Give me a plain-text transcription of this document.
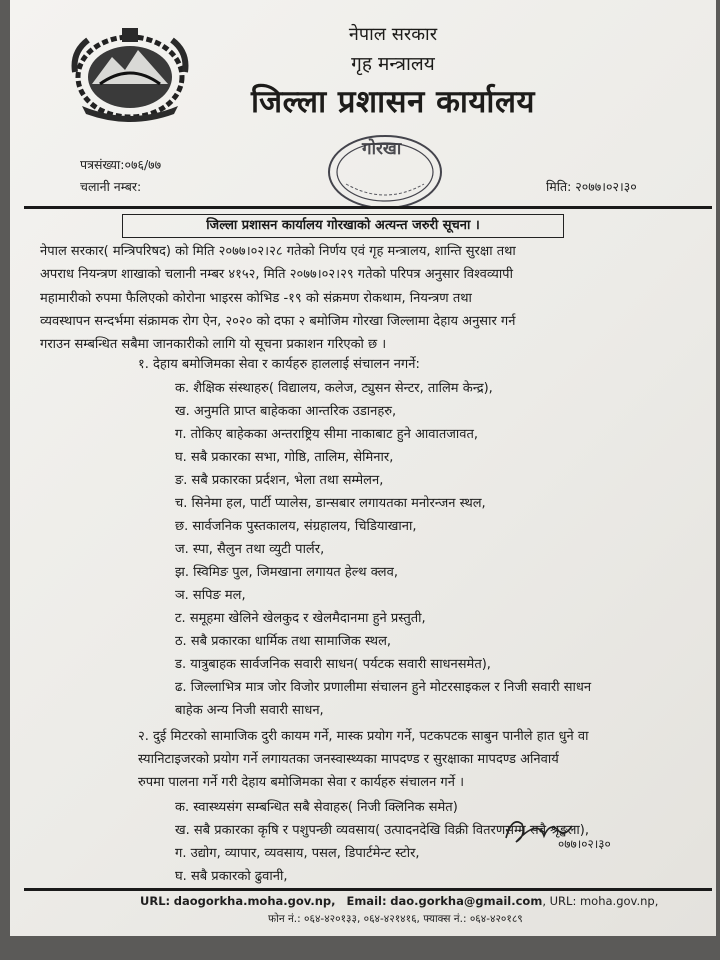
नेपाल सरकार
गृह मन्त्रालय
जिल्ला प्रशासन कार्यालय
गोरखा
पत्रसंख्या:०७६/७७
चलानी नम्बर:	मिति: २०७७।०२।३०
जिल्ला प्रशासन कार्यालय गोरखाको अत्यन्त जरुरी सूचना ।
नेपाल सरकार( मन्त्रिपरिषद) को मिति २०७७।०२।२८ गतेको निर्णय एवं गृह मन्त्रालय, शान्ति सुरक्षा तथा
अपराध नियन्त्रण शाखाको चलानी नम्बर ४१५२, मिति २०७७।०२।२९ गतेको परिपत्र अनुसार विश्वव्यापी
महामारीको रुपमा फैलिएको कोरोना भाइरस कोभिड -१९ को संक्रमण रोकथाम, नियन्त्रण तथा
व्यवस्थापन सन्दर्भमा संक्रामक रोग ऐन, २०२० को दफा २ बमोजिम गोरखा जिल्लामा देहाय अनुसार गर्न
गराउन सम्बन्धित सबैमा जानकारीको लागि यो सूचना प्रकाशन गरिएको छ ।
१. देहाय बमोजिमका सेवा र कार्यहरु हाललाई संचालन नगर्ने:
क. शैक्षिक संस्थाहरु( विद्यालय, कलेज, ट्युसन सेन्टर, तालिम केन्द्र),
ख. अनुमति प्राप्त बाहेकका आन्तरिक उडानहरु,
ग. तोकिए बाहेकका अन्तराष्ट्रिय सीमा नाकाबाट हुने आवातजावत,
घ. सबै प्रकारका सभा, गोष्ठि, तालिम, सेमिनार,
ङ. सबै प्रकारका प्रर्दशन, भेला तथा सम्मेलन,
च. सिनेमा हल, पार्टी प्यालेस, डान्सबार लगायतका मनोरन्जन स्थल,
छ. सार्वजनिक पुस्तकालय, संग्रहालय, चिडियाखाना,
ज. स्पा, सैलुन तथा व्युटी पार्लर,
झ. स्विमिङ पुल, जिमखाना लगायत हेल्थ क्लव,
ञ. सपिङ मल,
ट. समूहमा खेलिने खेलकुद र खेलमैदानमा हुने प्रस्तुती,
ठ. सबै प्रकारका धार्मिक तथा सामाजिक स्थल,
ड. यात्रुबाहक सार्वजनिक सवारी साधन( पर्यटक सवारी साधनसमेत),
ढ. जिल्लाभित्र मात्र जोर विजोर प्रणालीमा संचालन हुने मोटरसाइकल र निजी सवारी साधन
बाहेक अन्य निजी सवारी साधन,
२. दुई मिटरको सामाजिक दुरी कायम गर्ने, मास्क प्रयोग गर्ने, पटकपटक साबुन पानीले हात धुने वा
स्यानिटाइजरको प्रयोग गर्ने लगायतका जनस्वास्थ्यका मापदण्ड र सुरक्षाका मापदण्ड अनिवार्य
रुपमा पालना गर्ने गरी देहाय बमोजिमका सेवा र कार्यहरु संचालन गर्ने ।
क. स्वास्थ्यसंग सम्बन्धित सबै सेवाहरु( निजी क्लिनिक समेत)
ख. सबै प्रकारका कृषि र पशुपन्छी व्यवसाय( उत्पादनदेखि विक्री वितरणसम्म सबै श्रृङ्खला),
ग. उद्योग, व्यापार, व्यवसाय, पसल, डिपार्टमेन्ट स्टोर,
घ. सबै प्रकारको ढुवानी,
०७७।०२।३०
URL: daogorkha.moha.gov.np, Email: dao.gorkha@gmail.com, URL: moha.gov.np,
फोन नं.: ०६४-४२०१३३, ०६४-४२१४१६, फ्याक्स नं.: ०६४-४२०१८९
